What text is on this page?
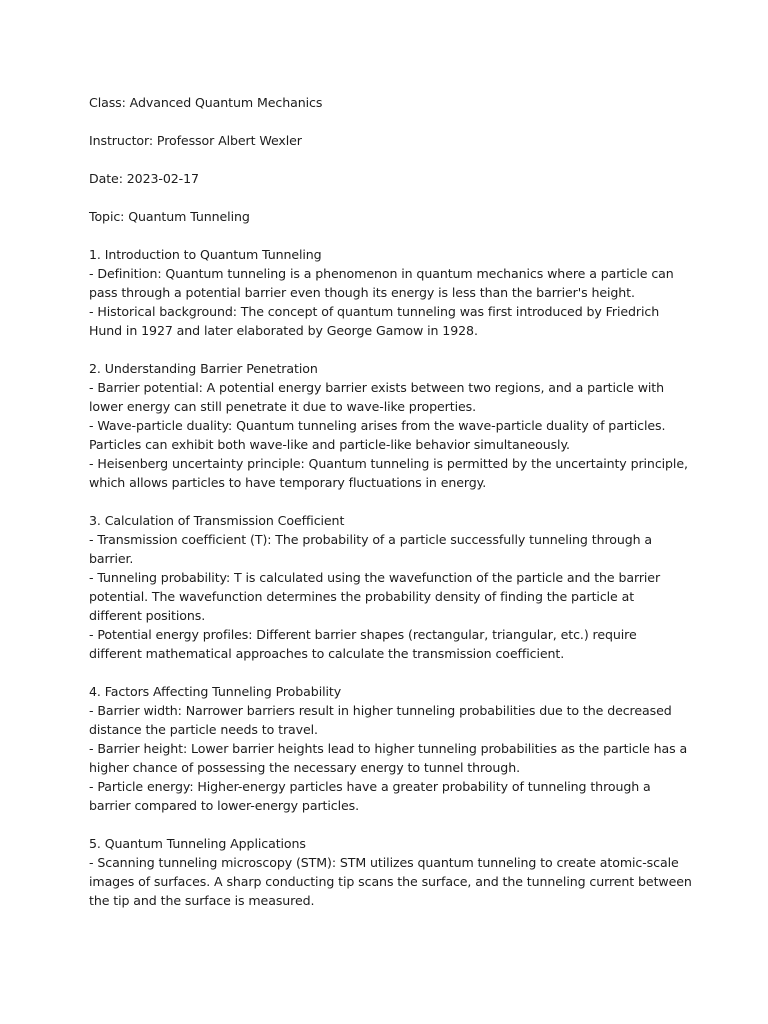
Class: Advanced Quantum Mechanics

Instructor: Professor Albert Wexler

Date: 2023-02-17

Topic: Quantum Tunneling

1. Introduction to Quantum Tunneling
- Definition: Quantum tunneling is a phenomenon in quantum mechanics where a particle can
pass through a potential barrier even though its energy is less than the barrier's height.
- Historical background: The concept of quantum tunneling was first introduced by Friedrich
Hund in 1927 and later elaborated by George Gamow in 1928.
2. Understanding Barrier Penetration
- Barrier potential: A potential energy barrier exists between two regions, and a particle with
lower energy can still penetrate it due to wave-like properties.
- Wave-particle duality: Quantum tunneling arises from the wave-particle duality of particles.
Particles can exhibit both wave-like and particle-like behavior simultaneously.
- Heisenberg uncertainty principle: Quantum tunneling is permitted by the uncertainty principle,
which allows particles to have temporary fluctuations in energy.
3. Calculation of Transmission Coefficient
- Transmission coefficient (T): The probability of a particle successfully tunneling through a
barrier.
- Tunneling probability: T is calculated using the wavefunction of the particle and the barrier
potential. The wavefunction determines the probability density of finding the particle at
different positions.
- Potential energy profiles: Different barrier shapes (rectangular, triangular, etc.) require
different mathematical approaches to calculate the transmission coefficient.
4. Factors Affecting Tunneling Probability
- Barrier width: Narrower barriers result in higher tunneling probabilities due to the decreased
distance the particle needs to travel.
- Barrier height: Lower barrier heights lead to higher tunneling probabilities as the particle has a
higher chance of possessing the necessary energy to tunnel through.
- Particle energy: Higher-energy particles have a greater probability of tunneling through a
barrier compared to lower-energy particles.
5. Quantum Tunneling Applications
- Scanning tunneling microscopy (STM): STM utilizes quantum tunneling to create atomic-scale
images of surfaces. A sharp conducting tip scans the surface, and the tunneling current between
the tip and the surface is measured.
